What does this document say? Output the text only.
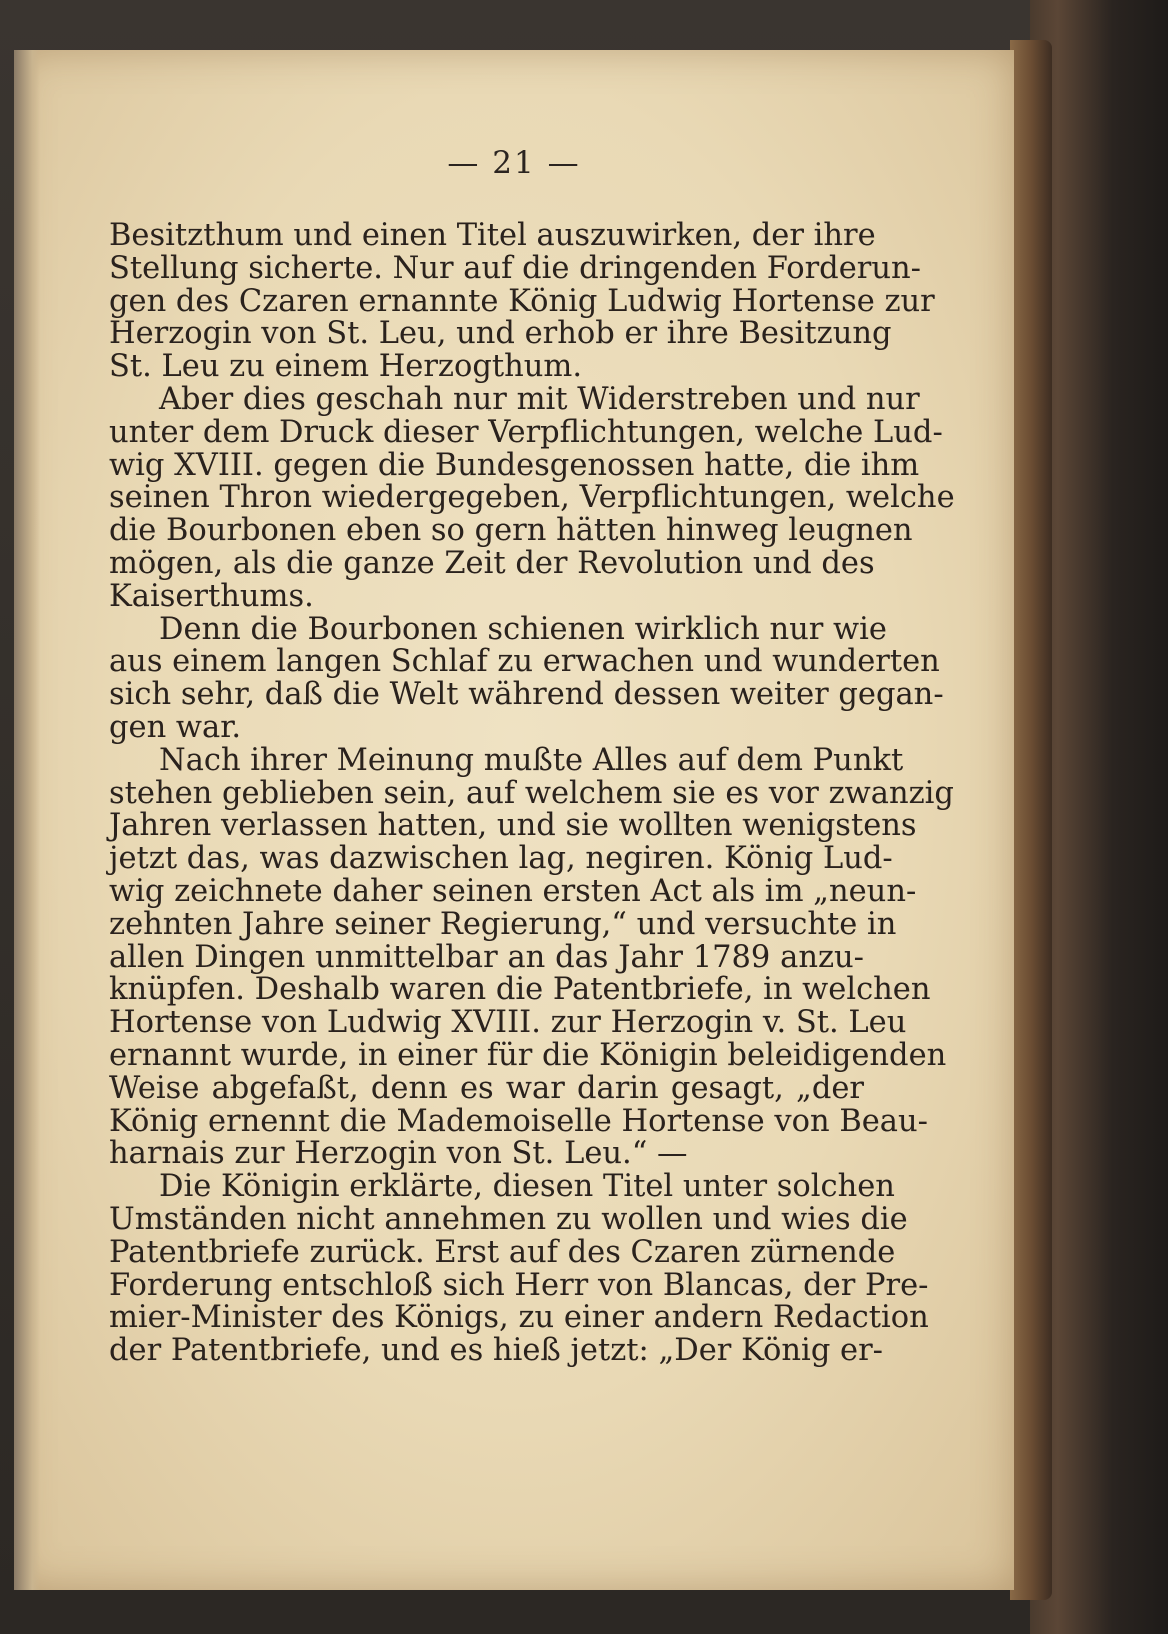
— 21 —
Besitzthum und einen Titel auszuwirken, der ihre
Stellung sicherte. Nur auf die dringenden Forderun-
gen des Czaren ernannte König Ludwig Hortense zur
Herzogin von St. Leu, und erhob er ihre Besitzung
St. Leu zu einem Herzogthum.
Aber dies geschah nur mit Widerstreben und nur
unter dem Druck dieser Verpflichtungen, welche Lud-
wig XVIII. gegen die Bundesgenossen hatte, die ihm
seinen Thron wiedergegeben, Verpflichtungen, welche
die Bourbonen eben so gern hätten hinweg leugnen
mögen, als die ganze Zeit der Revolution und des
Kaiserthums.
Denn die Bourbonen schienen wirklich nur wie
aus einem langen Schlaf zu erwachen und wunderten
sich sehr, daß die Welt während dessen weiter gegan-
gen war.
Nach ihrer Meinung mußte Alles auf dem Punkt
stehen geblieben sein, auf welchem sie es vor zwanzig
Jahren verlassen hatten, und sie wollten wenigstens
jetzt das, was dazwischen lag, negiren. König Lud-
wig zeichnete daher seinen ersten Act als im „neun-
zehnten Jahre seiner Regierung,“ und versuchte in
allen Dingen unmittelbar an das Jahr 1789 anzu-
knüpfen. Deshalb waren die Patentbriefe, in welchen
Hortense von Ludwig XVIII. zur Herzogin v. St. Leu
ernannt wurde, in einer für die Königin beleidigenden
Weise abgefaßt, denn es war darin gesagt, „der
König ernennt die Mademoiselle Hortense von Beau-
harnais zur Herzogin von St. Leu.“ —
Die Königin erklärte, diesen Titel unter solchen
Umständen nicht annehmen zu wollen und wies die
Patentbriefe zurück. Erst auf des Czaren zürnende
Forderung entschloß sich Herr von Blancas, der Pre-
mier-Minister des Königs, zu einer andern Redaction
der Patentbriefe, und es hieß jetzt: „Der König er-
